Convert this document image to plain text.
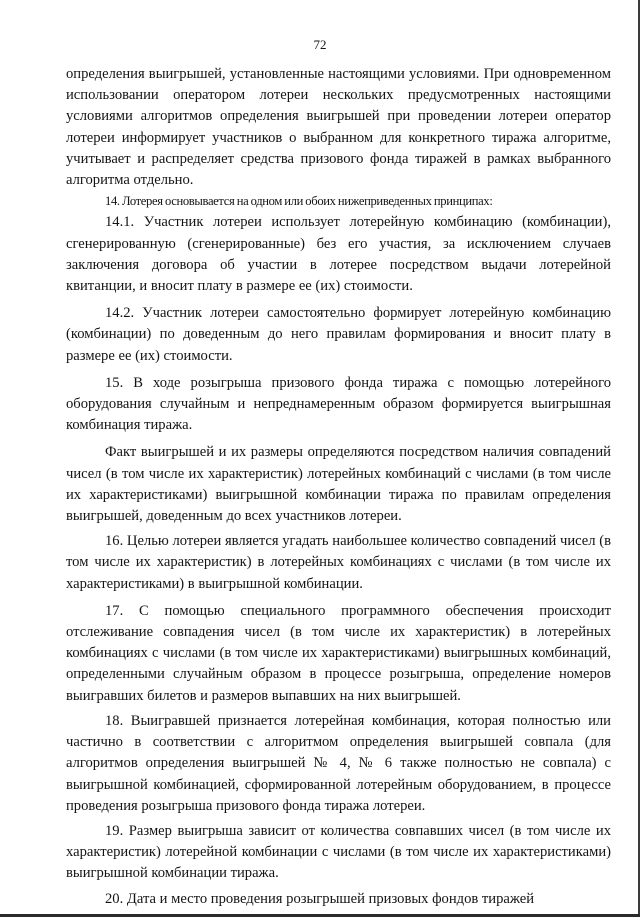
72

определения выигрышей, установленные настоящими условиями. При одновременном использовании оператором лотереи нескольких предусмотренных настоящими условиями алгоритмов определения выигрышей при проведении лотереи оператор лотереи информирует участников о выбранном для конкретного тиража алгоритме, учитывает и распределяет средства призового фонда тиражей в рамках выбранного алгоритма отдельно.

14. Лотерея основывается на одном или обоих нижеприведенных принципах:

14.1. Участник лотереи использует лотерейную комбинацию (комбинации), сгенерированную (сгенерированные) без его участия, за исключением случаев заключения договора об участии в лотерее посредством выдачи лотерейной квитанции, и вносит плату в размере ее (их) стоимости.

14.2. Участник лотереи самостоятельно формирует лотерейную комбинацию (комбинации) по доведенным до него правилам формирования и вносит плату в размере ее (их) стоимости.

15. В ходе розыгрыша призового фонда тиража с помощью лотерейного оборудования случайным и непреднамеренным образом формируется выигрышная комбинация тиража.

Факт выигрышей и их размеры определяются посредством наличия совпадений чисел (в том числе их характеристик) лотерейных комбинаций с числами (в том числе их характеристиками) выигрышной комбинации тиража по правилам определения выигрышей, доведенным до всех участников лотереи.

16. Целью лотереи является угадать наибольшее количество совпадений чисел (в том числе их характеристик) в лотерейных комбинациях с числами (в том числе их характеристиками) в выигрышной комбинации.

17. С помощью специального программного обеспечения происходит отслеживание совпадения чисел (в том числе их характеристик) в лотерейных комбинациях с числами (в том числе их характеристиками) выигрышных комбинаций, определенными случайным образом в процессе розыгрыша, определение номеров выигравших билетов и размеров выпавших на них выигрышей.

18. Выигравшей признается лотерейная комбинация, которая полностью или частично в соответствии с алгоритмом определения выигрышей совпала (для алгоритмов определения выигрышей № 4, № 6 также полностью не совпала) с выигрышной комбинацией, сформированной лотерейным оборудованием, в процессе проведения розыгрыша призового фонда тиража лотереи.

19. Размер выигрыша зависит от количества совпавших чисел (в том числе их характеристик) лотерейной комбинации с числами (в том числе их характеристиками) выигрышной комбинации тиража.

20. Дата и место проведения розыгрышей призовых фондов тиражей
